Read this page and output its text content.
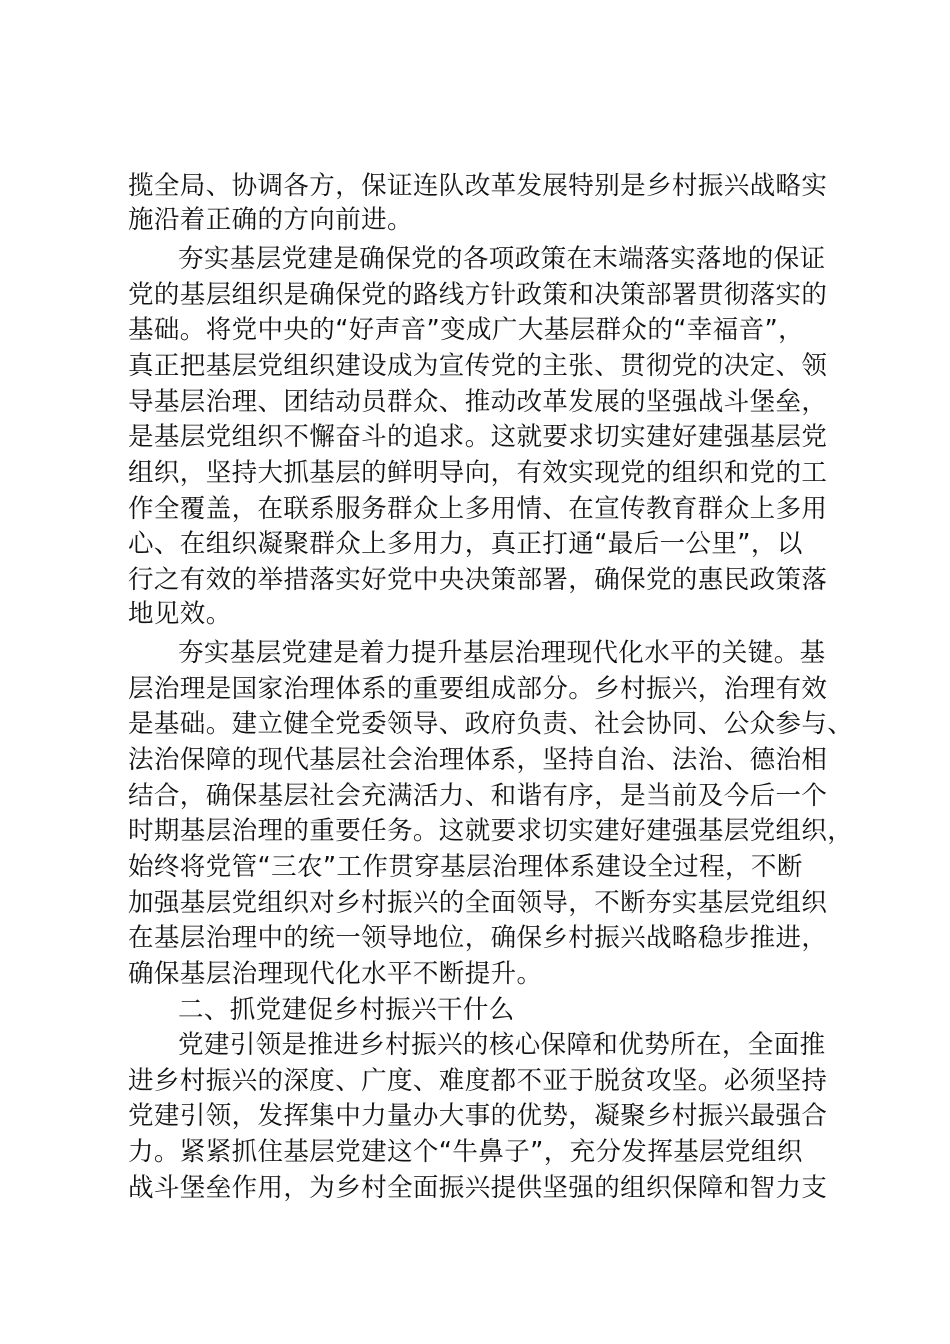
揽全局、协调各方，保证连队改革发展特别是乡村振兴战略实
施沿着正确的方向前进。
夯实基层党建是确保党的各项政策在末端落实落地的保证
党的基层组织是确保党的路线方针政策和决策部署贯彻落实的
基础。将党中央的“好声音”变成广大基层群众的“幸福音”，
真正把基层党组织建设成为宣传党的主张、贯彻党的决定、领
导基层治理、团结动员群众、推动改革发展的坚强战斗堡垒，
是基层党组织不懈奋斗的追求。这就要求切实建好建强基层党
组织，坚持大抓基层的鲜明导向，有效实现党的组织和党的工
作全覆盖，在联系服务群众上多用情、在宣传教育群众上多用
心、在组织凝聚群众上多用力，真正打通“最后一公里”，以
行之有效的举措落实好党中央决策部署，确保党的惠民政策落
地见效。
夯实基层党建是着力提升基层治理现代化水平的关键。基
层治理是国家治理体系的重要组成部分。乡村振兴，治理有效
是基础。建立健全党委领导、政府负责、社会协同、公众参与、
法治保障的现代基层社会治理体系，坚持自治、法治、德治相
结合，确保基层社会充满活力、和谐有序，是当前及今后一个
时期基层治理的重要任务。这就要求切实建好建强基层党组织，
始终将党管“三农”工作贯穿基层治理体系建设全过程，不断
加强基层党组织对乡村振兴的全面领导，不断夯实基层党组织
在基层治理中的统一领导地位，确保乡村振兴战略稳步推进，
确保基层治理现代化水平不断提升。
二、抓党建促乡村振兴干什么
党建引领是推进乡村振兴的核心保障和优势所在，全面推
进乡村振兴的深度、广度、难度都不亚于脱贫攻坚。必须坚持
党建引领，发挥集中力量办大事的优势，凝聚乡村振兴最强合
力。紧紧抓住基层党建这个“牛鼻子”，充分发挥基层党组织
战斗堡垒作用，为乡村全面振兴提供坚强的组织保障和智力支
